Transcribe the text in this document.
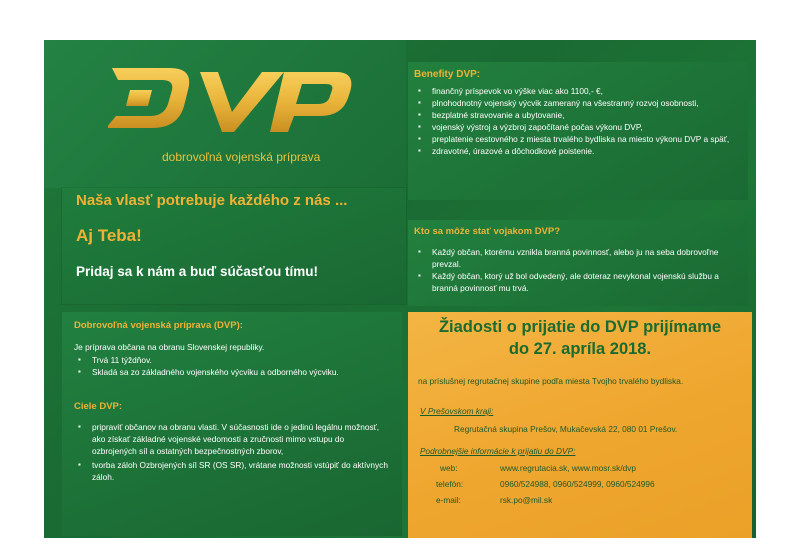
dobrovoľná vojenská príprava
Naša vlasť potrebuje každého z nás ...
Aj Teba!
Pridaj sa k nám a buď súčasťou tímu!
Benefity DVP:
▪ finančný príspevok vo výške viac ako 1100,- €,
▪ plnohodnotný vojenský výcvik zameraný na všestranný rozvoj osobnosti,
▪ bezplatné stravovanie a ubytovanie,
▪ vojenský výstroj a výzbroj započítané počas výkonu DVP,
▪ preplatenie cestovného z miesta trvalého bydliska na miesto výkonu DVP a späť,
▪ zdravotné, úrazové a dôchodkové poistenie.
Kto sa môže stať vojakom DVP?
▪ Každý občan, ktorému vznikla branná povinnosť, alebo ju na seba dobrovoľne prevzal.
▪ Každý občan, ktorý už bol odvedený, ale doteraz nevykonal vojenskú službu a branná povinnosť mu trvá.
Dobrovoľná vojenská príprava (DVP):
Je príprava občana na obranu Slovenskej republiky.
▪ Trvá 11 týždňov.
▪ Skladá sa zo základného vojenského výcviku a odborného výcviku.
Ciele DVP:
▪ pripraviť občanov na obranu vlasti. V súčasnosti ide o jedinú legálnu možnosť, ako získať základné vojenské vedomosti a zručnosti mimo vstupu do ozbrojených síl a ostatných bezpečnostných zborov,
▪ tvorba záloh Ozbrojených síl SR (OS SR), vrátane možnosti vstúpiť do aktívnych záloh.
Žiadosti o prijatie do DVP prijímame
do 27. apríla 2018.
na príslušnej regrutačnej skupine podľa miesta Tvojho trvalého bydliska.
V Prešovskom kraji:
Regrutačná skupina Prešov, Mukačevská 22, 080 01 Prešov.
Podrobnejšie informácie k prijatiu do DVP:
web:	www.regrutacia.sk, www.mosr.sk/dvp
telefón:	0960/524988, 0960/524999, 0960/524996
e-mail:	rsk.po@mil.sk
